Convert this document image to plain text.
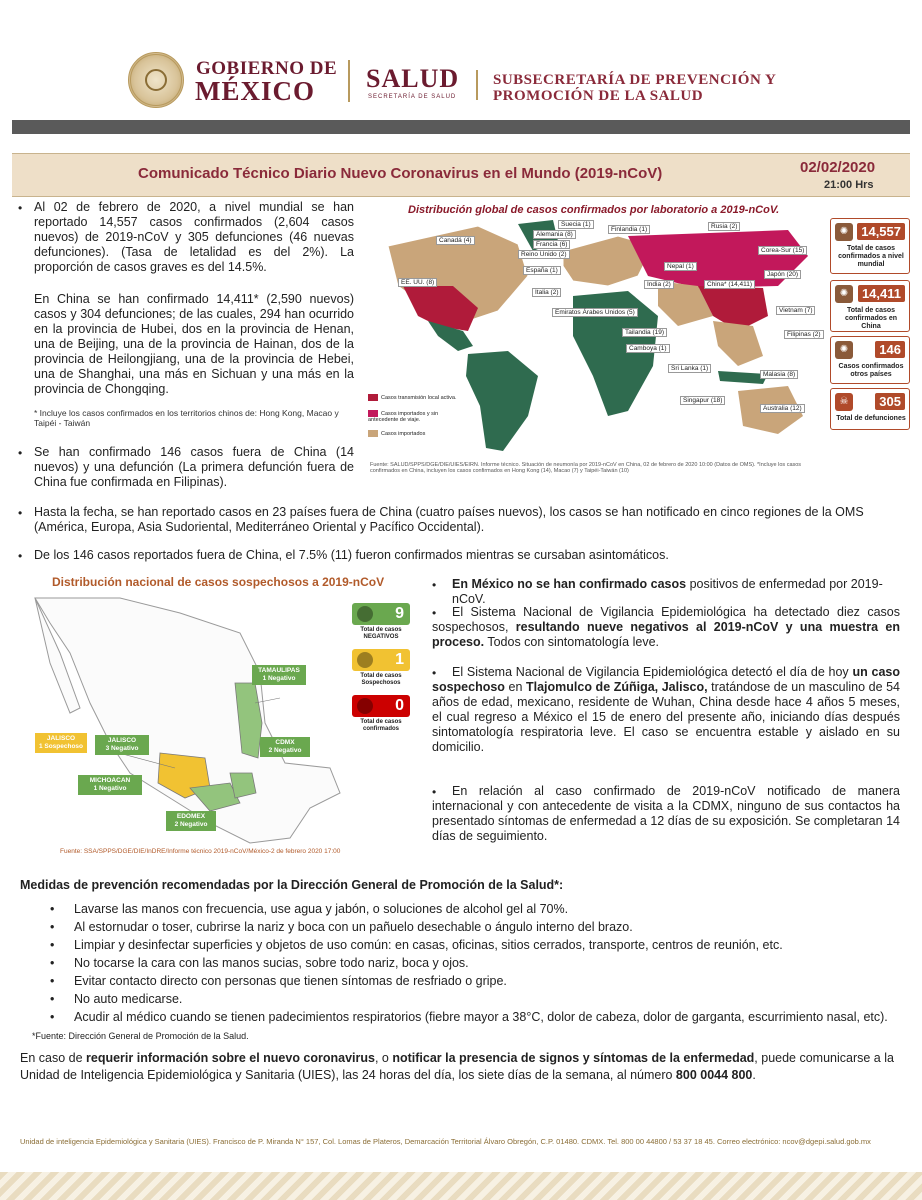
GOBIERNO DE
MÉXICO SALUD
SECRETARÍA DE SALUD
SUBSECRETARÍA DE PREVENCIÓN Y
PROMOCIÓN DE LA SALUD
Comunicado Técnico Diario Nuevo Coronavirus en el Mundo (2019-nCoV)	02/02/2020
21:00 Hrs
• Al 02 de febrero de 2020, a nivel mundial se han reportado 14,557 casos confirmados (2,604 casos nuevos) de 2019-nCoV y 305 defunciones (46 nuevas defunciones). (Tasa de letalidad es del 2%). La proporción de casos graves es del 14.5%.
En China se han confirmado 14,411* (2,590 nuevos) casos y 304 defunciones; de las cuales, 294 han ocurrido en la provincia de Hubei, dos en la provincia de Henan, una de Beijing, una de la provincia de Hainan, dos de la provincia de Heilongjiang, una de la provincia de Hebei, una de Shanghai, una más en Sichuan y una más en la provincia de Chongqing.
* Incluye los casos confirmados en los territorios chinos de: Hong Kong, Macao y Taipéi - Taiwán
• Se han confirmado 146 casos fuera de China (14 nuevos) y una defunción (La primera defunción fuera de China fue confirmada en Filipinas).
• Hasta la fecha, se han reportado casos en 23 países fuera de China (cuatro países nuevos), los casos se han notificado en cinco regiones de la OMS (América, Europa, Asia Sudoriental, Mediterráneo Oriental y Pacífico Occidental).
• De los 146 casos reportados fuera de China, el 7.5% (11) fueron confirmados mientras se cursaban asintomáticos.
Distribución global de casos confirmados por laboratorio a 2019-nCoV.
Suecia (1)
Finlandia (1)	Rusia (2)
Alemania (8)
Francia (6)
Canadá (4)
Reino Unido (2)
Corea-Sur (15)
España (1)
Nepal (1)
Japón (20)
EE. UU. (8)	China* (14,411)
Italia (2)
India (2)
Vietnam (7)
Emiratos Árabes Unidos (5)
Filipinas (2)
Tailandia (19)
Camboya (1)
Sri Lanka (1)
Malasia (8)
Singapur (18)
Australia (12)
Casos transmisión local activa.
Casos importados y sin antecedente de viaje.
Casos importados
Fuente: SALUD/SPPS/DGE/DIE/UIES/EIRN. Informe técnico. Situación de neumonía por 2019-nCoV en China, 02 de febrero de 2020 10:00 (Datos de OMS). *Incluye los casos confirmados en China, incluyen los casos confirmados en Hong Kong (14), Macao (7) y Taipéi-Taiwán (10)
✺	14,557
Total de casos confirmados a nivel mundial
✺	14,411
Total de casos confirmados en China
✺	146
Casos confirmados otros países
☠	305
Total de defunciones
Distribución nacional de casos sospechosos a 2019-nCoV
TAMAULIPAS
1 Negativo
JALISCO
1 Sospechoso
JALISCO
3 Negativo
CDMX
2 Negativo
MICHOACAN
1 Negativo
EDOMEX
2 Negativo
9
Total de casos NEGATIVOS
1
Total de casos Sospechosos
0
Total de casos confirmados
Fuente: SSA/SPPS/DGE/DIE/InDRE/Informe técnico 2019-nCoV/México-2 de febrero 2020 17:00
• En México no se han confirmado casos positivos de enfermedad por 2019-nCoV.
•	El Sistema Nacional de Vigilancia Epidemiológica ha detectado diez casos sospechosos, resultando nueve negativos al 2019-nCoV y una muestra en proceso. Todos con sintomatología leve.
•	El Sistema Nacional de Vigilancia Epidemiológica detectó el día de hoy un caso sospechoso en Tlajomulco de Zúñiga, Jalisco, tratándose de un masculino de 54 años de edad, mexicano, residente de Wuhan, China desde hace 4 años 5 meses, el cual regreso a México el 15 de enero del presente año, iniciando días después sintomatología respiratoria leve. El caso se encuentra estable y aislado en su domicilio.
•	En relación al caso confirmado de 2019-nCoV notificado de manera internacional y con antecedente de visita a la CDMX, ninguno de sus contactos ha presentado síntomas de enfermedad a 12 días de su exposición. Se completaran 14 días de seguimiento.
Medidas de prevención recomendadas por la Dirección General de Promoción de la Salud*:
• Lavarse las manos con frecuencia, use agua y jabón, o soluciones de alcohol gel al 70%.
• Al estornudar o toser, cubrirse la nariz y boca con un pañuelo desechable o ángulo interno del brazo.
• Limpiar y desinfectar superficies y objetos de uso común: en casas, oficinas, sitios cerrados, transporte, centros de reunión, etc.
• No tocarse la cara con las manos sucias, sobre todo nariz, boca y ojos.
• Evitar contacto directo con personas que tienen síntomas de resfriado o gripe.
• No auto medicarse.
• Acudir al médico cuando se tienen padecimientos respiratorios (fiebre mayor a 38°C, dolor de cabeza, dolor de garganta, escurrimiento nasal, etc).
*Fuente: Dirección General de Promoción de la Salud.
En caso de requerir información sobre el nuevo coronavirus, o notificar la presencia de signos y síntomas de la enfermedad, puede comunicarse a la Unidad de Inteligencia Epidemiológica y Sanitaria (UIES), las 24 horas del día, los siete días de la semana, al número 800 0044 800.
Unidad de inteligencia Epidemiológica y Sanitaria (UIES). Francisco de P. Miranda N° 157, Col. Lomas de Plateros, Demarcación Territorial Álvaro Obregón, C.P. 01480. CDMX. Tel. 800 00 44800 / 53 37 18 45. Correo electrónico: ncov@dgepi.salud.gob.mx
